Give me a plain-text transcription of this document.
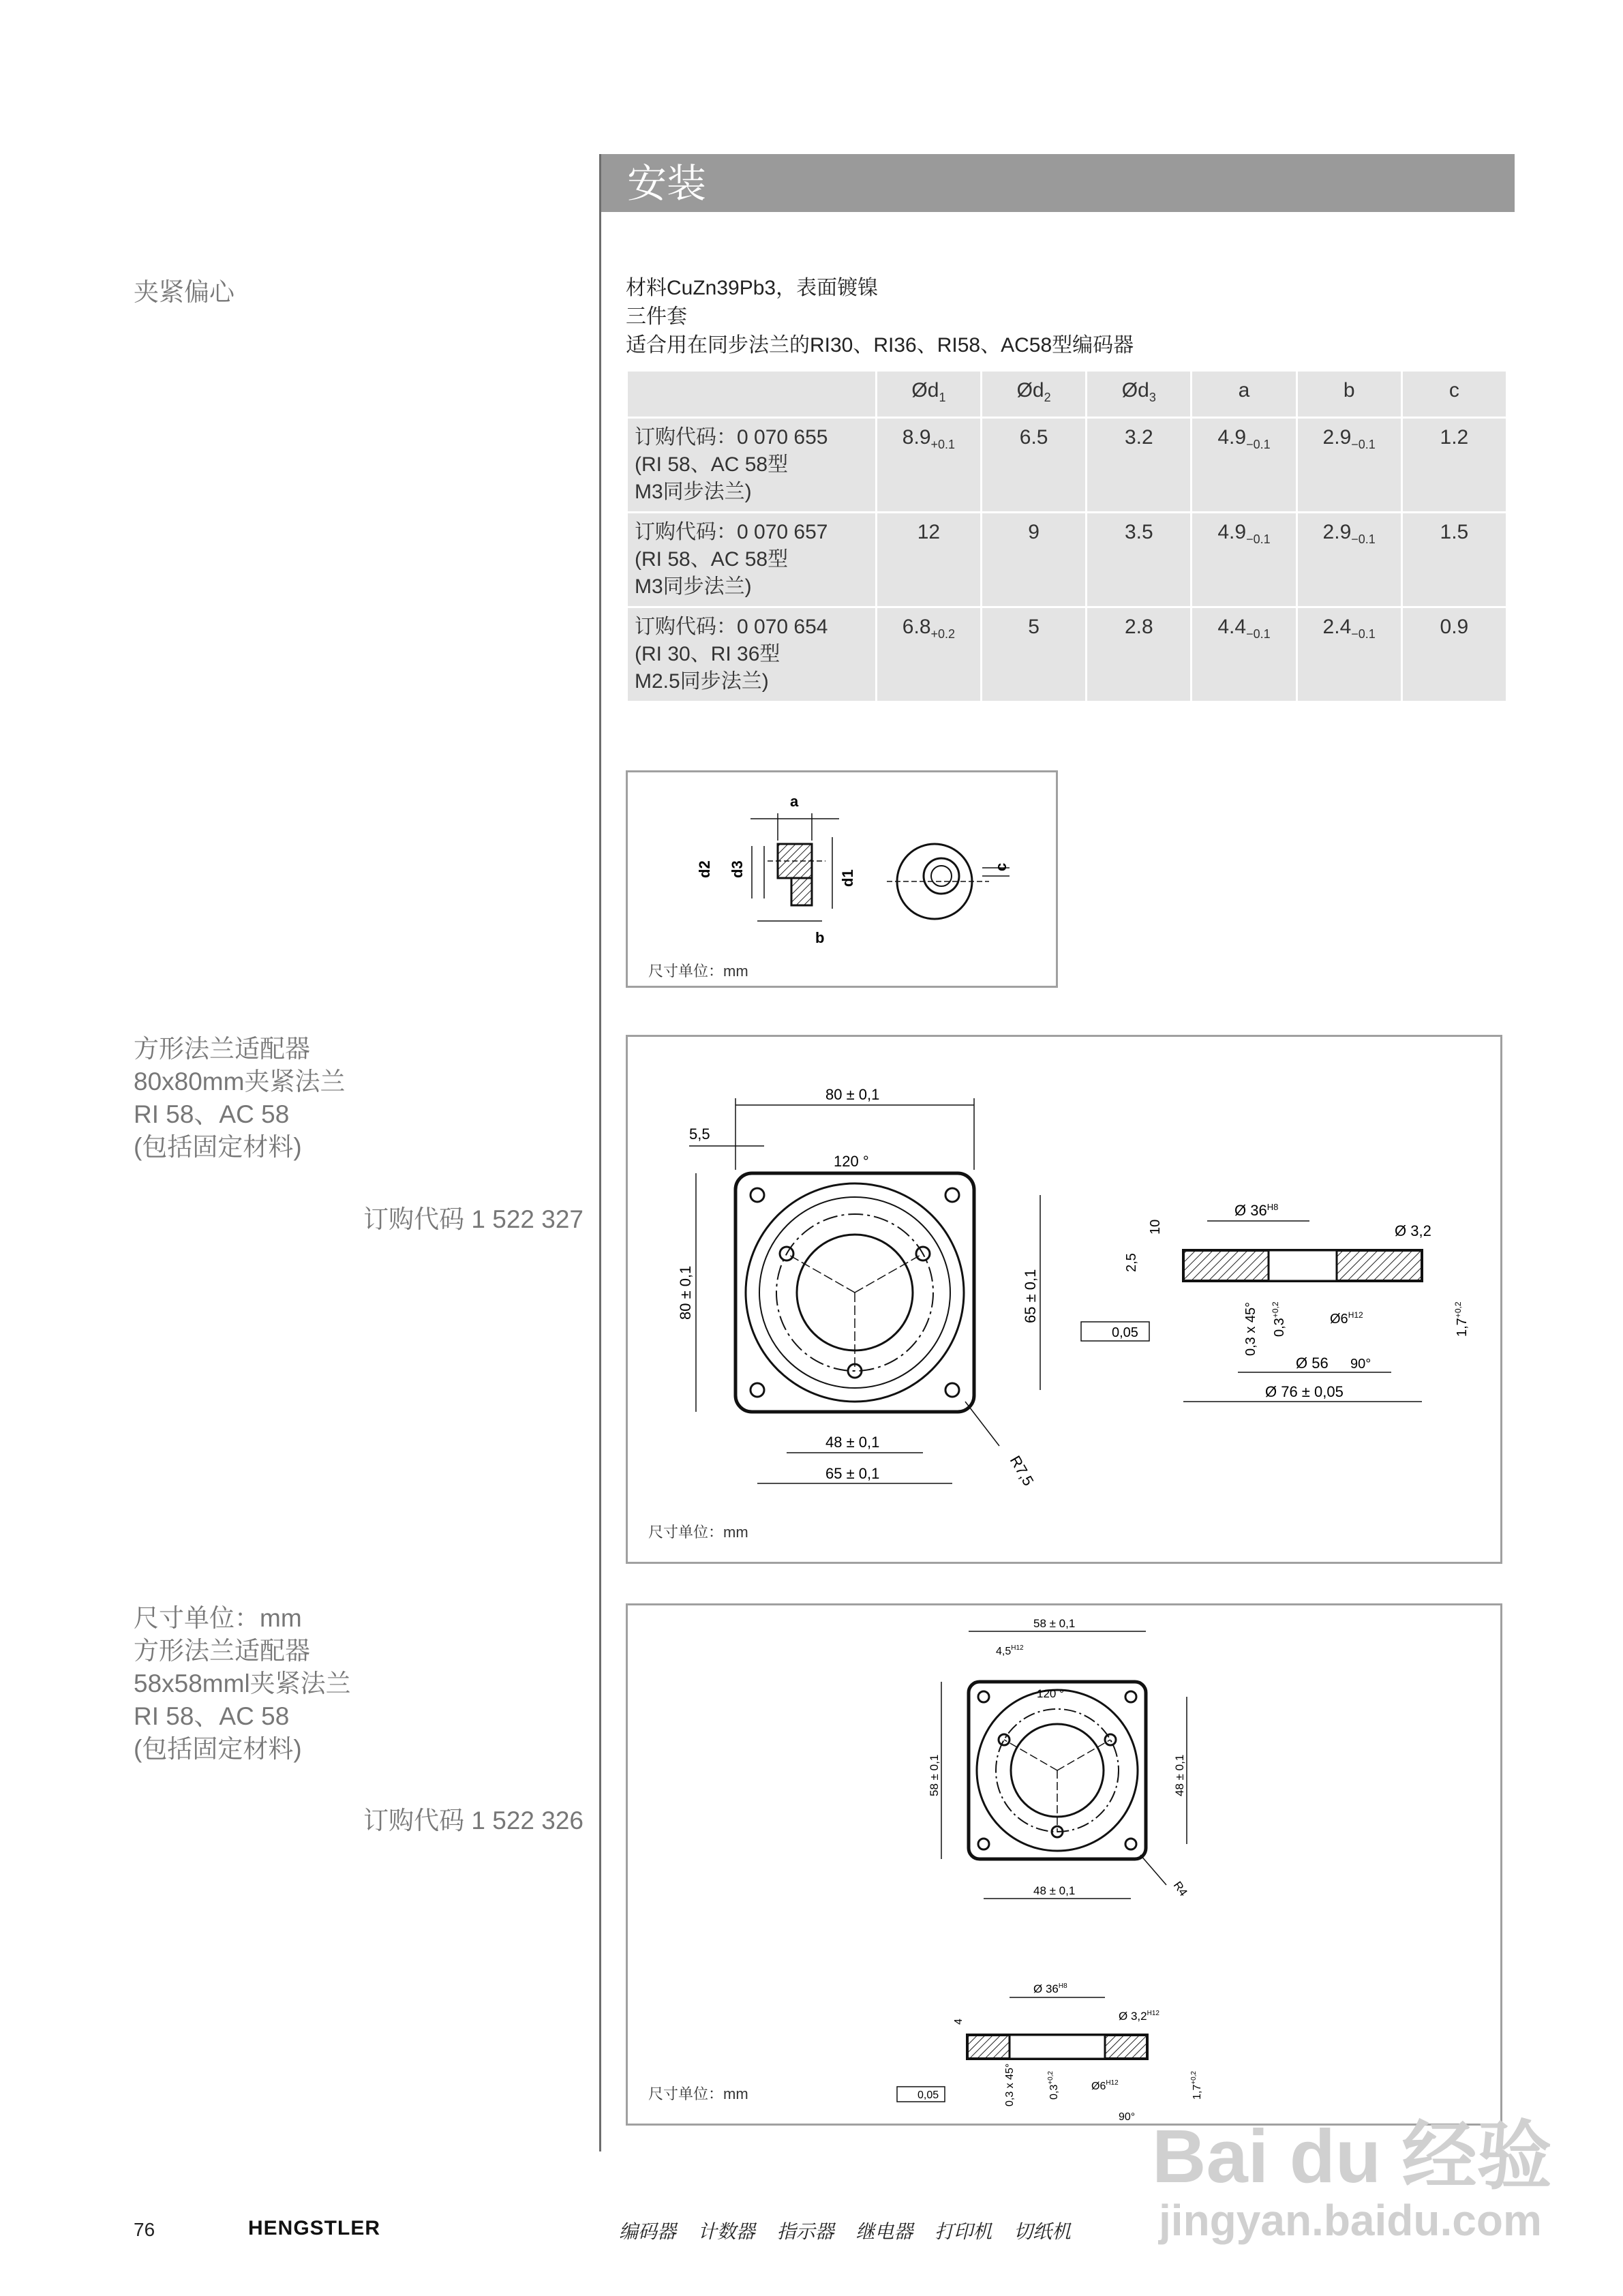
安装
夹紧偏心	材料CuZn39Pb3，表面镀镍
三件套
适合用在同步法兰的RI30、RI36、RI58、AC58型编码器
	$Ød_1$	$Ød_2$	$Ød_3$	a	b	c

订购代码：0 070 655
(RI 58、AC 58型
M3同步法兰)	$8.9_{+0.1}$	6.5	3.2	$4.9_{-0.1}$	$2.9_{-0.1}$	1.2

订购代码：0 070 657
(RI 58、AC 58型
M3同步法兰)	12	9	3.5	$4.9_{-0.1}$	$2.9_{-0.1}$	1.5

订购代码：0 070 654
(RI 30、RI 36型
M2.5同步法兰)	$6.8_{+0.2}$	5	2.8	$4.4_{-0.1}$	$2.4_{-0.1}$	0.9
a
d2 d3
d1
b
c
尺寸单位：mm
方形法兰适配器
80x80mm夹紧法兰
RI 58、AC 58
(包括固定材料)
订购代码 1 522 327
80 ± 0,1
5,5
120 °
80 ± 0,1	65 ± 0,1
48 ± 0,1
65 ± 0,1	R7,5
Ø $36^{H8}$
Ø 3,2
10
2,5
0,05	0,3 x 45° $0,3^{+0,2}$
$Ø6^{H12}$
$1,7^{+0,2}$
90°
Ø 56
Ø 76 ± 0,05
尺寸单位：mm
尺寸单位：mm
方形法兰适配器
58x58mml夹紧法兰
RI 58、AC 58
(包括固定材料)
订购代码 1 522 326
58 ± 0,1
$4,5^{H12}$
120 °
58 ± 0,1	48 ± 0,1
48 ± 0,1	R4
Ø $36^{H8}$
Ø $3,2^{H12}$
4
0,05	0,3 x 45°	$0,3^{+0,2}$
$Ø6^{H12}$
$1,7^{+0,2}$
90°
尺寸单位：mm
76	HENGSTLER	编码器 计数器 指示器 继电器 打印机 切纸机
Bai du 经验
jingyan.baidu.com
